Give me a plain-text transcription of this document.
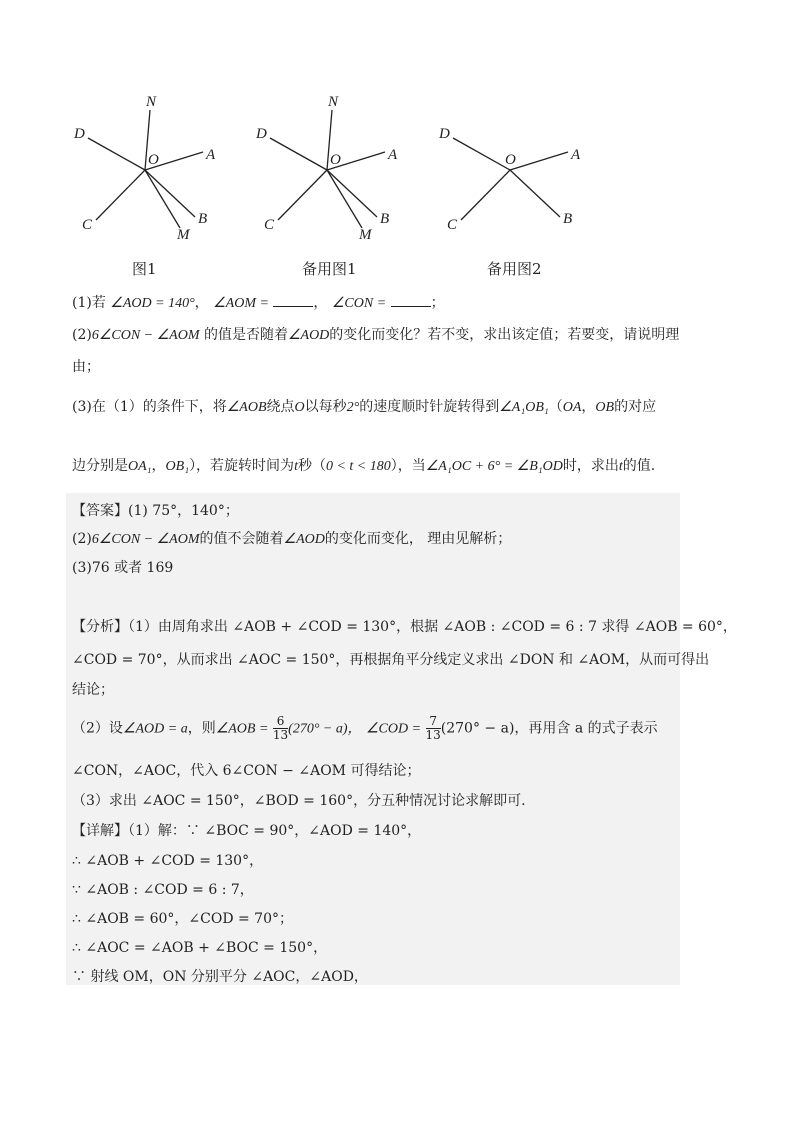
N
D
O	A
C	B
M
N
D
O	A
C	B
M
D
O	A
C	B
图1	备用图1	备用图2
(1)若 ∠AOD = 140°， ∠AOM =	， ∠CON =	；
(2)6∠CON − ∠AOM 的值是否随着∠AOD的变化而变化？若不变，求出该定值；若要变，请说明理
由；
(3)在（1）的条件下，将∠AOB绕点O以每秒2°的速度顺时针旋转得到∠A₁OB₁（OA，OB的对应
边分别是OA₁，OB₁），若旋转时间为t秒（0 < t < 180），当∠A₁OC + 6° = ∠B₁OD时，求出t的值.
【答案】(1) 75°，140°；
(2)6∠CON − ∠AOM的值不会随着∠AOD的变化而变化， 理由见解析；
(3)76 或者 169
【分析】（1）由周角求出 ∠AOB + ∠COD = 130°，根据 ∠AOB : ∠COD = 6 : 7 求得 ∠AOB = 60°，
∠COD = 70°，从而求出 ∠AOC = 150°，再根据角平分线定义求出 ∠DON 和 ∠AOM，从而可得出
结论；
（2）设∠AOD = a，则∠AOB = $\frac{6}{13} (270^\circ - a)$， ∠COD = $\frac{7}{13} (270^\circ - a)$，再用含 a 的式子表示
∠CON，∠AOC，代入 6∠CON − ∠AOM 可得结论；
（3）求出 ∠AOC = 150°，∠BOD = 160°，分五种情况讨论求解即可.
【详解】（1）解：∵ ∠BOC = 90°，∠AOD = 140°，
∴ ∠AOB + ∠COD = 130°，
∵ ∠AOB : ∠COD = 6 : 7，
∴ ∠AOB = 60°，∠COD = 70°；
∴ ∠AOC = ∠AOB + ∠BOC = 150°，
∵ 射线 OM，ON 分别平分 ∠AOC，∠AOD，
